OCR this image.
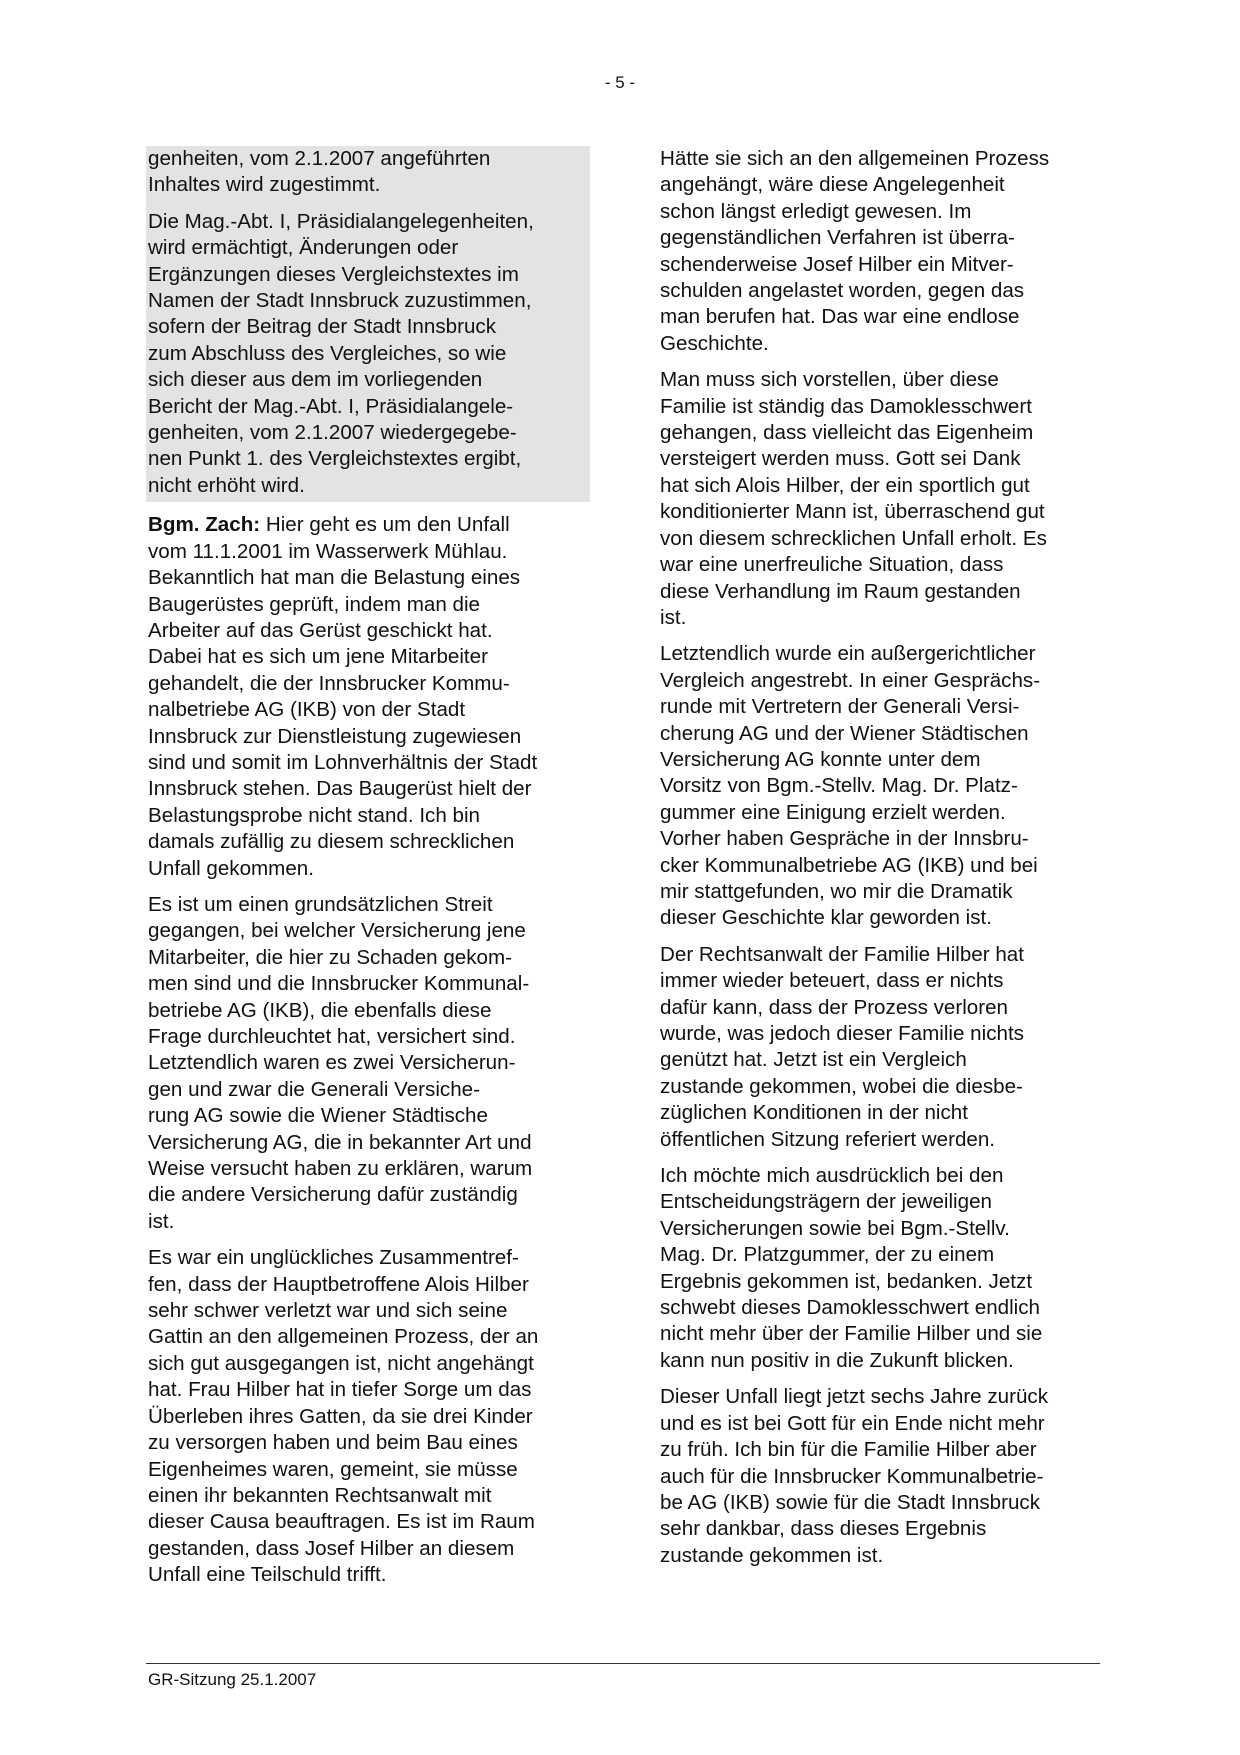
- 5 -

genheiten, vom 2.1.2007 angeführten
Inhaltes wird zugestimmt.

Die Mag.-Abt. I, Präsidialangelegenheiten,
wird ermächtigt, Änderungen oder
Ergänzungen dieses Vergleichstextes im
Namen der Stadt Innsbruck zuzustimmen,
sofern der Beitrag der Stadt Innsbruck
zum Abschluss des Vergleiches, so wie
sich dieser aus dem im vorliegenden
Bericht der Mag.-Abt. I, Präsidialangele-
genheiten, vom 2.1.2007 wiedergegebe-
nen Punkt 1. des Vergleichstextes ergibt,
nicht erhöht wird.

Bgm. Zach: Hier geht es um den Unfall
vom 11.1.2001 im Wasserwerk Mühlau.
Bekanntlich hat man die Belastung eines
Baugerüstes geprüft, indem man die
Arbeiter auf das Gerüst geschickt hat.
Dabei hat es sich um jene Mitarbeiter
gehandelt, die der Innsbrucker Kommu-
nalbetriebe AG (IKB) von der Stadt
Innsbruck zur Dienstleistung zugewiesen
sind und somit im Lohnverhältnis der Stadt
Innsbruck stehen. Das Baugerüst hielt der
Belastungsprobe nicht stand. Ich bin
damals zufällig zu diesem schrecklichen
Unfall gekommen.

Es ist um einen grundsätzlichen Streit
gegangen, bei welcher Versicherung jene
Mitarbeiter, die hier zu Schaden gekom-
men sind und die Innsbrucker Kommunal-
betriebe AG (IKB), die ebenfalls diese
Frage durchleuchtet hat, versichert sind.
Letztendlich waren es zwei Versicherun-
gen und zwar die Generali Versiche-
rung AG sowie die Wiener Städtische
Versicherung AG, die in bekannter Art und
Weise versucht haben zu erklären, warum
die andere Versicherung dafür zuständig
ist.

Es war ein unglückliches Zusammentref-
fen, dass der Hauptbetroffene Alois Hilber
sehr schwer verletzt war und sich seine
Gattin an den allgemeinen Prozess, der an
sich gut ausgegangen ist, nicht angehängt
hat. Frau Hilber hat in tiefer Sorge um das
Überleben ihres Gatten, da sie drei Kinder
zu versorgen haben und beim Bau eines
Eigenheimes waren, gemeint, sie müsse
einen ihr bekannten Rechtsanwalt mit
dieser Causa beauftragen. Es ist im Raum
gestanden, dass Josef Hilber an diesem
Unfall eine Teilschuld trifft.

Hätte sie sich an den allgemeinen Prozess
angehängt, wäre diese Angelegenheit
schon längst erledigt gewesen. Im
gegenständlichen Verfahren ist überra-
schenderweise Josef Hilber ein Mitver-
schulden angelastet worden, gegen das
man berufen hat. Das war eine endlose
Geschichte.

Man muss sich vorstellen, über diese
Familie ist ständig das Damoklesschwert
gehangen, dass vielleicht das Eigenheim
versteigert werden muss. Gott sei Dank
hat sich Alois Hilber, der ein sportlich gut
konditionierter Mann ist, überraschend gut
von diesem schrecklichen Unfall erholt. Es
war eine unerfreuliche Situation, dass
diese Verhandlung im Raum gestanden
ist.

Letztendlich wurde ein außergerichtlicher
Vergleich angestrebt. In einer Gesprächs-
runde mit Vertretern der Generali Versi-
cherung AG und der Wiener Städtischen
Versicherung AG konnte unter dem
Vorsitz von Bgm.-Stellv. Mag. Dr. Platz-
gummer eine Einigung erzielt werden.
Vorher haben Gespräche in der Innsbru-
cker Kommunalbetriebe AG (IKB) und bei
mir stattgefunden, wo mir die Dramatik
dieser Geschichte klar geworden ist.

Der Rechtsanwalt der Familie Hilber hat
immer wieder beteuert, dass er nichts
dafür kann, dass der Prozess verloren
wurde, was jedoch dieser Familie nichts
genützt hat. Jetzt ist ein Vergleich
zustande gekommen, wobei die diesbe-
züglichen Konditionen in der nicht
öffentlichen Sitzung referiert werden.

Ich möchte mich ausdrücklich bei den
Entscheidungsträgern der jeweiligen
Versicherungen sowie bei Bgm.-Stellv.
Mag. Dr. Platzgummer, der zu einem
Ergebnis gekommen ist, bedanken. Jetzt
schwebt dieses Damoklesschwert endlich
nicht mehr über der Familie Hilber und sie
kann nun positiv in die Zukunft blicken.

Dieser Unfall liegt jetzt sechs Jahre zurück
und es ist bei Gott für ein Ende nicht mehr
zu früh. Ich bin für die Familie Hilber aber
auch für die Innsbrucker Kommunalbetrie-
be AG (IKB) sowie für die Stadt Innsbruck
sehr dankbar, dass dieses Ergebnis
zustande gekommen ist.

GR-Sitzung 25.1.2007
